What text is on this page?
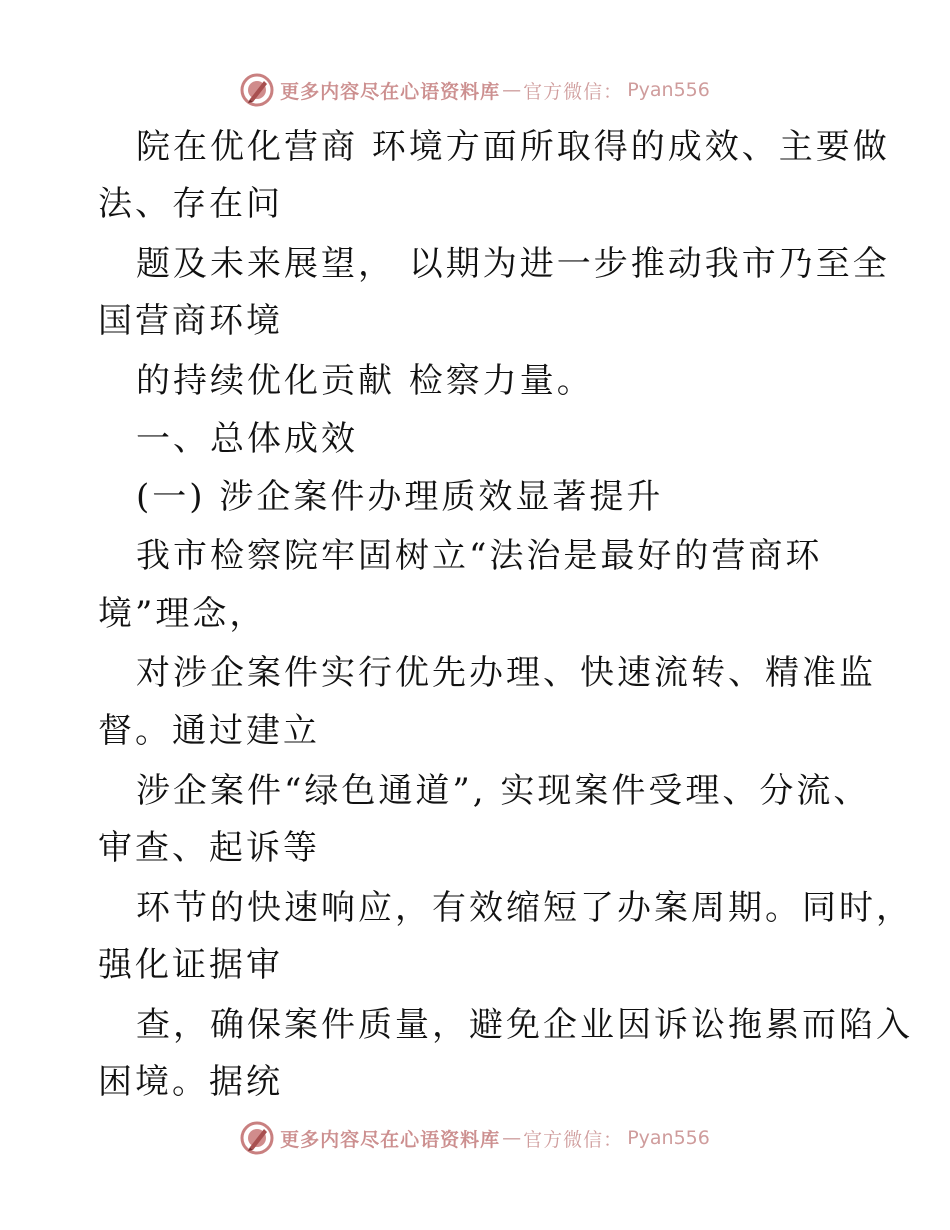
更多内容尽在心语资料库 — 官方微信： Pyan556
院在优化营商 环境方面所取得的成效、主要做
法、存在问
题及未来展望， 以期为进一步推动我市乃至全
国营商环境
的持续优化贡献 检察力量。
一、总体成效
(一) 涉企案件办理质效显著提升
我市检察院牢固树立“法治是最好的营商环
境”理念，
对涉企案件实行优先办理、快速流转、精准监
督。通过建立
涉企案件“绿色通道”, 实现案件受理、分流、
审查、起诉等
环节的快速响应，有效缩短了办案周期。同时，
强化证据审
查，确保案件质量，避免企业因诉讼拖累而陷入
困境。据统
更多内容尽在心语资料库 — 官方微信： Pyan556
